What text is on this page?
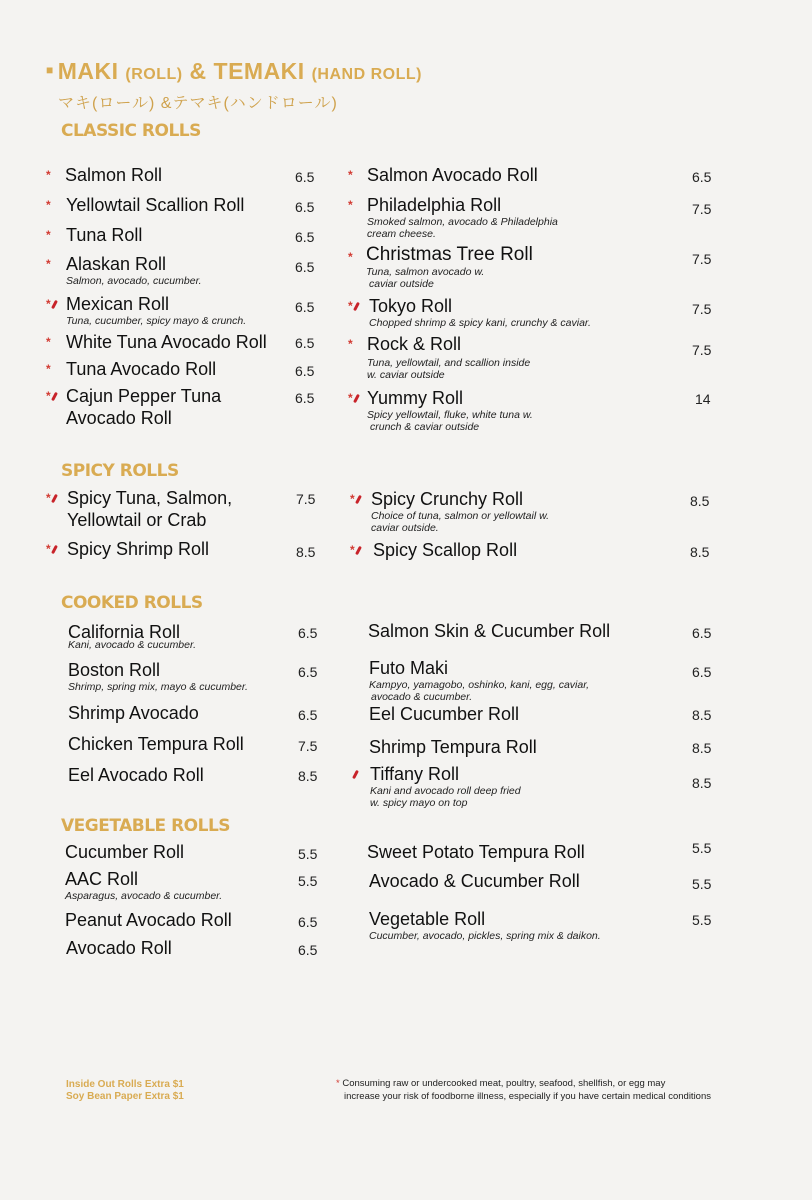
■ MAKI (ROLL) & TEMAKI (HAND ROLL)
マキ(ロール) &テマキ(ハンドロール)
CLASSIC ROLLS
SPICY ROLLS
COOKED ROLLS
VEGETABLE ROLLS
* Salmon Roll	6.5
* Yellowtail Scallion Roll	6.5
* Tuna Roll	6.5
* Alaskan Roll
Salmon, avocado, cucumber.
6.5
* Mexican Roll
Tuna, cucumber, spicy mayo & crunch.
6.5
* White Tuna Avocado Roll 6.5
* Tuna Avocado Roll	6.5
* Cajun Pepper Tuna
Avocado Roll
6.5
* Salmon Avocado Roll	6.5
* Philadelphia Roll
Smoked salmon, avocado & Philadelphia
cream cheese.
7.5
* Christmas Tree Roll
Tuna, salmon avocado w.
caviar outside
7.5
* Tokyo Roll
Chopped shrimp & spicy kani, crunchy & caviar.
7.5
* Rock & Roll
Tuna, yellowtail, and scallion inside
w. caviar outside
7.5
* Yummy Roll
Spicy yellowtail, fluke, white tuna w.
crunch & caviar outside
14
* Spicy Tuna, Salmon,
Yellowtail or Crab
7.5
* Spicy Shrimp Roll	8.5
* Spicy Crunchy Roll
Choice of tuna, salmon or yellowtail w.
caviar outside.
8.5
* Spicy Scallop Roll	8.5
California Roll
Kani, avocado & cucumber.
6.5
Boston Roll
Shrimp, spring mix, mayo & cucumber.
6.5
Shrimp Avocado	6.5
Chicken Tempura Roll	7.5
Eel Avocado Roll	8.5
Salmon Skin & Cucumber Roll	6.5
Futo Maki
Kampyo, yamagobo, oshinko, kani, egg, caviar,
avocado & cucumber.
6.5
Eel Cucumber Roll	8.5
Shrimp Tempura Roll	8.5
Tiffany Roll
Kani and avocado roll deep fried
w. spicy mayo on top
8.5
Cucumber Roll	5.5
AAC Roll
Asparagus, avocado & cucumber.
5.5
Peanut Avocado Roll	6.5
Avocado Roll	6.5
Sweet Potato Tempura Roll	5.5
Avocado & Cucumber Roll	5.5
Vegetable Roll
Cucumber, avocado, pickles, spring mix & daikon.
5.5
Inside Out Rolls Extra $1
Soy Bean Paper Extra $1
* Consuming raw or undercooked meat, poultry, seafood, shellfish, or egg may
increase your risk of foodborne illness, especially if you have certain medical conditions
